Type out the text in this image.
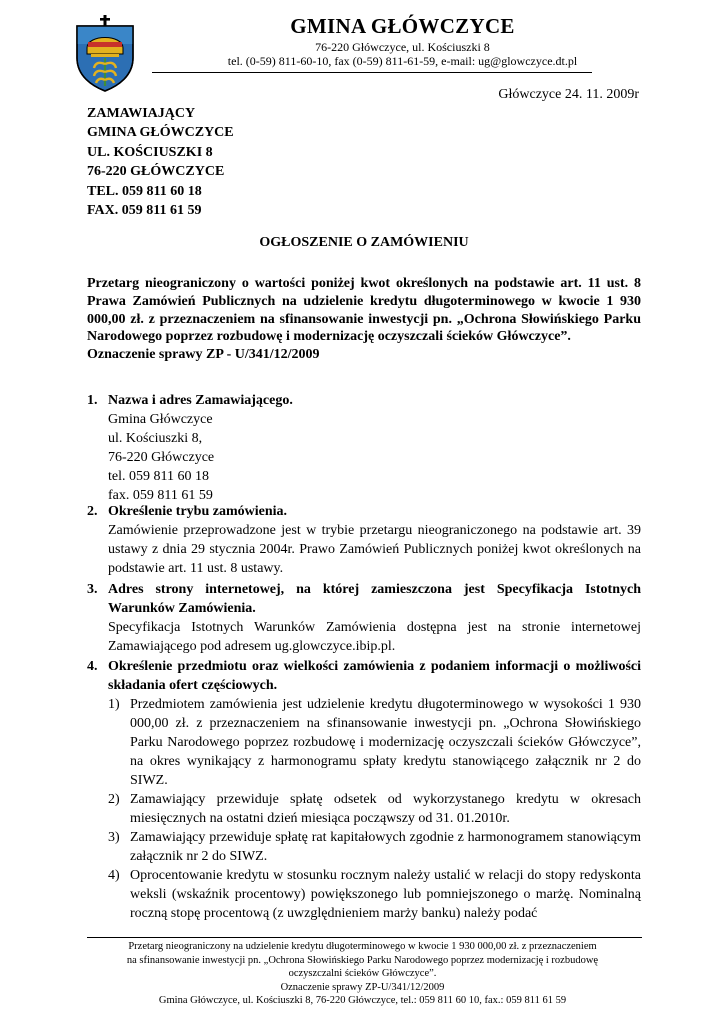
GMINA GŁÓWCZYCE
76-220 Główczyce, ul. Kościuszki 8
tel. (0-59) 811-60-10, fax (0-59) 811-61-59, e-mail: ug@glowczyce.dt.pl
Główczyce 24. 11. 2009r
ZAMAWIAJĄCY
GMINA GŁÓWCZYCE
UL. KOŚCIUSZKI 8
76-220 GŁÓWCZYCE
TEL. 059 811 60 18
FAX. 059 811 61 59
OGŁOSZENIE O ZAMÓWIENIU

Przetarg nieograniczony o wartości poniżej kwot określonych na podstawie art. 11 ust. 8 Prawa Zamówień Publicznych na udzielenie kredytu długoterminowego w kwocie 1 930 000,00 zł. z przeznaczeniem na sfinansowanie inwestycji pn. „Ochrona Słowińskiego Parku Narodowego poprzez rozbudowę i modernizację oczyszczali ścieków Główczyce”.

Oznaczenie sprawy ZP - U/341/12/2009

1. Nazwa i adres Zamawiającego.
Gmina Główczyce
ul. Kościuszki 8,
76-220 Główczyce
tel. 059 811 60 18
fax. 059 811 61 59
2. Określenie trybu zamówienia.
Zamówienie przeprowadzone jest w trybie przetargu nieograniczonego na podstawie art. 39 ustawy z dnia 29 stycznia 2004r. Prawo Zamówień Publicznych poniżej kwot określonych na podstawie art. 11 ust. 8 ustawy.
3. Adres strony internetowej, na której zamieszczona jest Specyfikacja Istotnych Warunków Zamówienia.
Specyfikacja Istotnych Warunków Zamówienia dostępna jest na stronie internetowej Zamawiającego pod adresem ug.glowczyce.ibip.pl.
4. Określenie przedmiotu oraz wielkości zamówienia z podaniem informacji o możliwości składania ofert częściowych.
1) Przedmiotem zamówienia jest udzielenie kredytu długoterminowego w wysokości 1 930 000,00 zł. z przeznaczeniem na sfinansowanie inwestycji pn. „Ochrona Słowińskiego Parku Narodowego poprzez rozbudowę i modernizację oczyszczali ścieków Główczyce”, na okres wynikający z harmonogramu spłaty kredytu stanowiącego załącznik nr 2 do SIWZ.
2) Zamawiający przewiduje spłatę odsetek od wykorzystanego kredytu w okresach miesięcznych na ostatni dzień miesiąca począwszy od 31. 01.2010r.
3) Zamawiający przewiduje spłatę rat kapitałowych zgodnie z harmonogramem stanowiącym załącznik nr 2 do SIWZ.
4) Oprocentowanie kredytu w stosunku rocznym należy ustalić w relacji do stopy redyskonta weksli (wskaźnik procentowy) powiększonego lub pomniejszonego o marżę. Nominalną roczną stopę procentową (z uwzględnieniem marży banku) należy podać
Przetarg nieograniczony na udzielenie kredytu długoterminowego w kwocie 1 930 000,00 zł. z przeznaczeniem
na sfinansowanie inwestycji pn. „Ochrona Słowińskiego Parku Narodowego poprzez modernizację i rozbudowę
oczyszczalni ścieków Główczyce”.
Oznaczenie sprawy ZP-U/341/12/2009
Gmina Główczyce, ul. Kościuszki 8, 76-220 Główczyce, tel.: 059 811 60 10, fax.: 059 811 61 59
